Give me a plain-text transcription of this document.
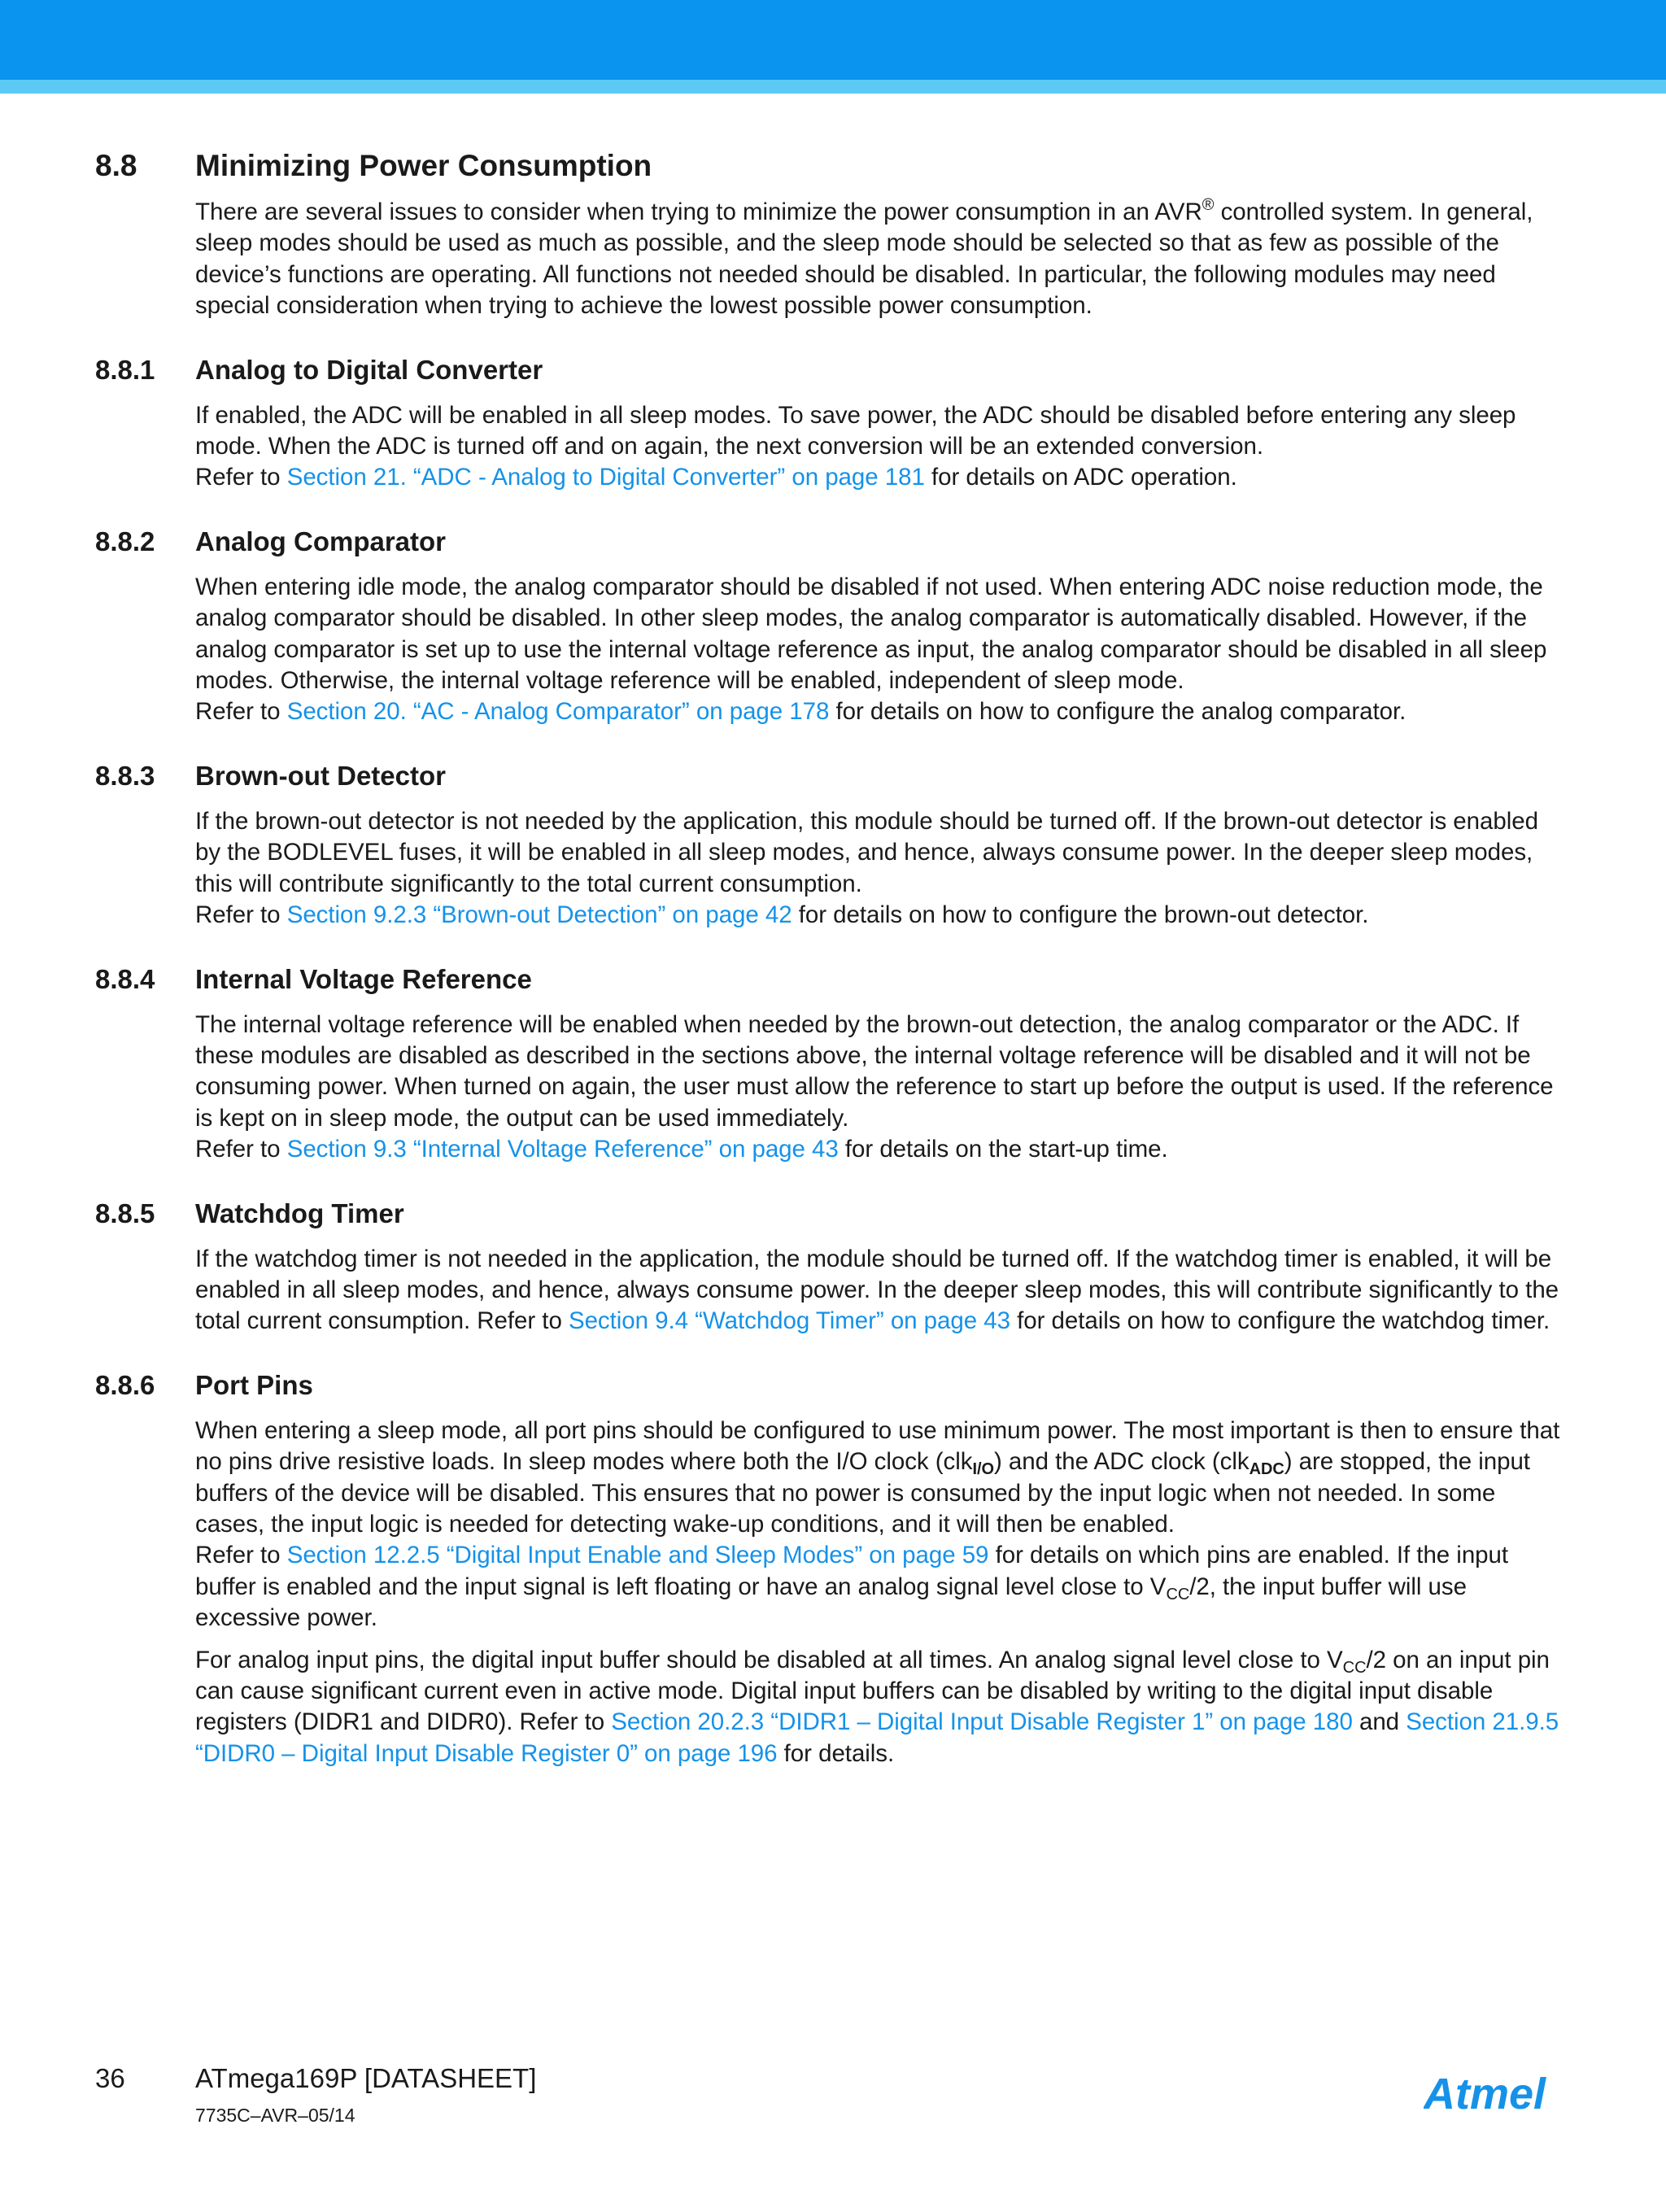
8.8	Minimizing Power Consumption
There are several issues to consider when trying to minimize the power consumption in an AVR® controlled system. In general, sleep modes should be used as much as possible, and the sleep mode should be selected so that as few as possible of the device’s functions are operating. All functions not needed should be disabled. In particular, the following modules may need special consideration when trying to achieve the lowest possible power consumption.
8.8.1	Analog to Digital Converter
If enabled, the ADC will be enabled in all sleep modes. To save power, the ADC should be disabled before entering any sleep mode. When the ADC is turned off and on again, the next conversion will be an extended conversion.
Refer to Section 21. “ADC - Analog to Digital Converter” on page 181 for details on ADC operation.
8.8.2	Analog Comparator
When entering idle mode, the analog comparator should be disabled if not used. When entering ADC noise reduction mode, the analog comparator should be disabled. In other sleep modes, the analog comparator is automatically disabled. However, if the analog comparator is set up to use the internal voltage reference as input, the analog comparator should be disabled in all sleep modes. Otherwise, the internal voltage reference will be enabled, independent of sleep mode.
Refer to Section 20. “AC - Analog Comparator” on page 178 for details on how to configure the analog comparator.
8.8.3	Brown-out Detector
If the brown-out detector is not needed by the application, this module should be turned off. If the brown-out detector is enabled by the BODLEVEL fuses, it will be enabled in all sleep modes, and hence, always consume power. In the deeper sleep modes, this will contribute significantly to the total current consumption.
Refer to Section 9.2.3 “Brown-out Detection” on page 42 for details on how to configure the brown-out detector.
8.8.4	Internal Voltage Reference
The internal voltage reference will be enabled when needed by the brown-out detection, the analog comparator or the ADC. If these modules are disabled as described in the sections above, the internal voltage reference will be disabled and it will not be consuming power. When turned on again, the user must allow the reference to start up before the output is used. If the reference is kept on in sleep mode, the output can be used immediately.
Refer to Section 9.3 “Internal Voltage Reference” on page 43 for details on the start-up time.
8.8.5	Watchdog Timer
If the watchdog timer is not needed in the application, the module should be turned off. If the watchdog timer is enabled, it will be enabled in all sleep modes, and hence, always consume power. In the deeper sleep modes, this will contribute significantly to the total current consumption. Refer to Section 9.4 “Watchdog Timer” on page 43 for details on how to configure the watchdog timer.
8.8.6	Port Pins
When entering a sleep mode, all port pins should be configured to use minimum power. The most important is then to ensure that no pins drive resistive loads. In sleep modes where both the I/O clock (clk$_{I/O}$) and the ADC clock (clk$_{ADC}$) are stopped, the input buffers of the device will be disabled. This ensures that no power is consumed by the input logic when not needed. In some cases, the input logic is needed for detecting wake-up conditions, and it will then be enabled.
Refer to Section 12.2.5 “Digital Input Enable and Sleep Modes” on page 59 for details on which pins are enabled. If the input buffer is enabled and the input signal is left floating or have an analog signal level close to $V_{CC}/2$, the input buffer will use excessive power.
For analog input pins, the digital input buffer should be disabled at all times. An analog signal level close to $V_{CC}/2$ on an input pin can cause significant current even in active mode. Digital input buffers can be disabled by writing to the digital input disable registers (DIDR1 and DIDR0). Refer to Section 20.2.3 “DIDR1 – Digital Input Disable Register 1” on page 180 and Section 21.9.5 “DIDR0 – Digital Input Disable Register 0” on page 196 for details.
36	ATmega169P [DATASHEET]
7735C–AVR–05/14	Atmel
